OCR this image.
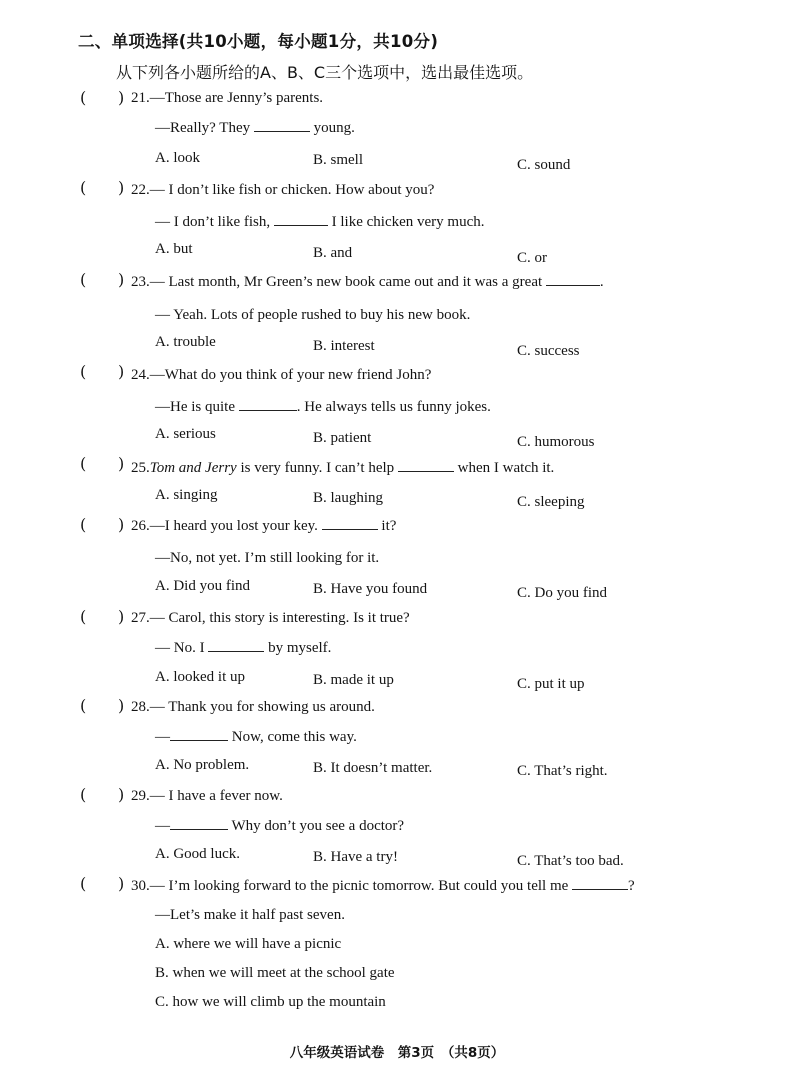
二、单项选择(共10小题，每小题1分，共10分)
从下列各小题所给的A、B、C三个选项中，选出最佳选项。
( ) 21.—Those are Jenny’s parents.
—Really? They	young.
A. look	B. smell	C. sound
( ) 22.— I don’t like fish or chicken. How about you?
— I don’t like fish,	I like chicken very much.
A. but	B. and	C. or
( ) 23.— Last month, Mr Green’s new book came out and it was a great	.
— Yeah. Lots of people rushed to buy his new book.
A. trouble	B. interest	C. success
( ) 24.—What do you think of your new friend John?
—He is quite	. He always tells us funny jokes.
A. serious	B. patient	C. humorous
( ) 25.Tom and Jerry is very funny. I can’t help	when I watch it.
A. singing	B. laughing	C. sleeping
( ) 26.—I heard you lost your key.	it?
—No, not yet. I’m still looking for it.
A. Did you find	B. Have you found	C. Do you find
( ) 27.— Carol, this story is interesting. Is it true?
— No. I	by myself.
A. looked it up	B. made it up	C. put it up
( ) 28.— Thank you for showing us around.
—	Now, come this way.
A. No problem.	B. It doesn’t matter.	C. That’s right.
( ) 29.— I have a fever now.
—	Why don’t you see a doctor?
A. Good luck.	B. Have a try!	C. That’s too bad.
( ) 30.— I’m looking forward to the picnic tomorrow. But could you tell me	?
—Let’s make it half past seven.
A. where we will have a picnic
B. when we will meet at the school gate
C. how we will climb up the mountain
八年级英语试卷　第3页　（共8页）
